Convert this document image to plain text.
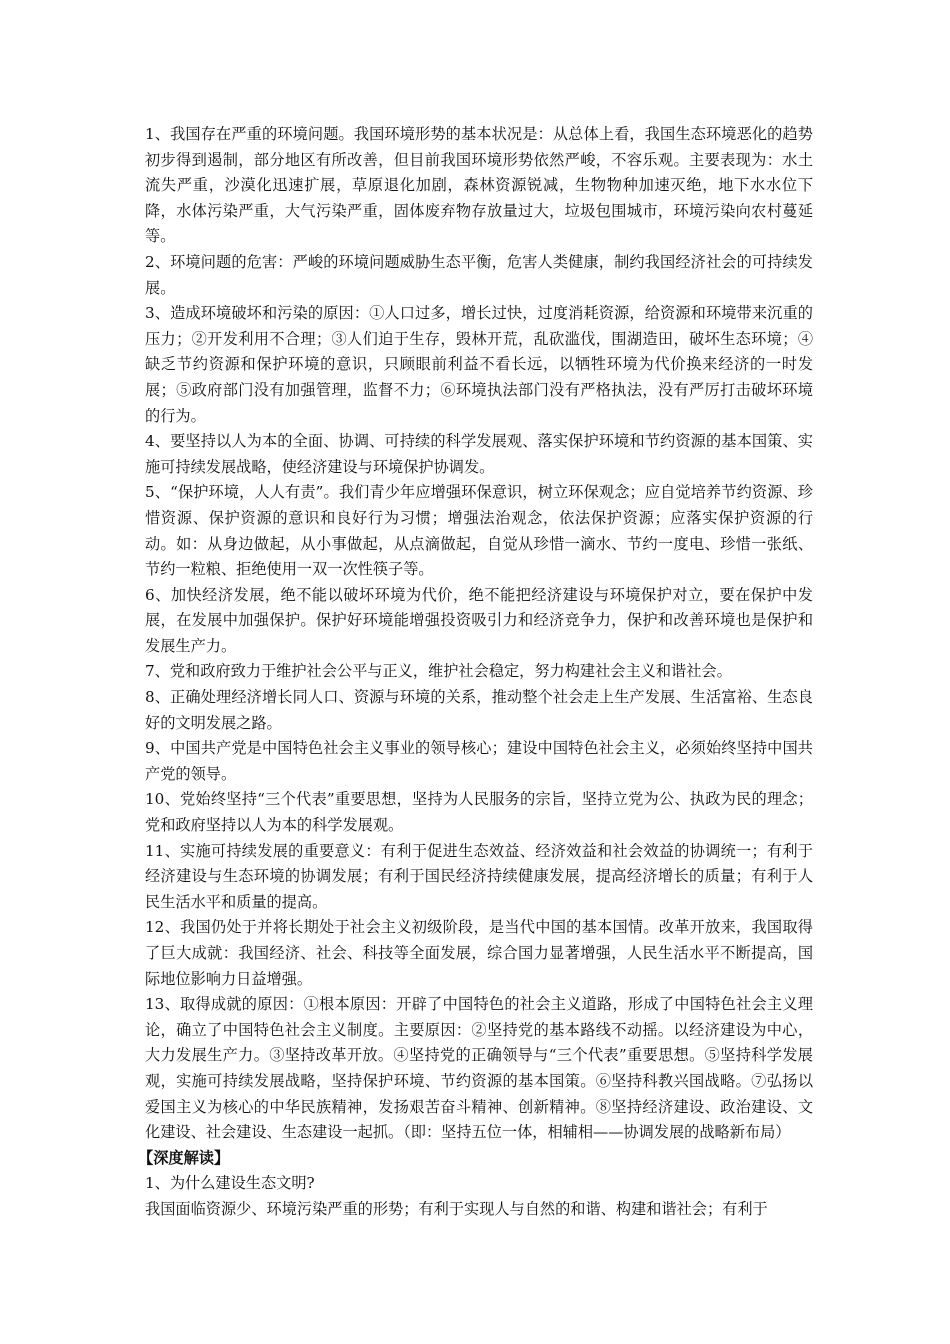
1、我国存在严重的环境问题。我国环境形势的基本状况是：从总体上看，我国生态环境恶化的趋势初步得到遏制，部分地区有所改善，但目前我国环境形势依然严峻，不容乐观。主要表现为：水土流失严重，沙漠化迅速扩展，草原退化加剧，森林资源锐减，生物物种加速灭绝，地下水水位下降，水体污染严重，大气污染严重，固体废弃物存放量过大，垃圾包围城市，环境污染向农村蔓延等。

2、环境问题的危害：严峻的环境问题威胁生态平衡，危害人类健康，制约我国经济社会的可持续发展。

3、造成环境破坏和污染的原因：①人口过多，增长过快，过度消耗资源，给资源和环境带来沉重的压力；②开发利用不合理；③人们迫于生存，毁林开荒，乱砍滥伐，围湖造田，破坏生态环境；④缺乏节约资源和保护环境的意识，只顾眼前利益不看长远，以牺牲环境为代价换来经济的一时发展；⑤政府部门没有加强管理，监督不力；⑥环境执法部门没有严格执法，没有严厉打击破坏环境的行为。

4、要坚持以人为本的全面、协调、可持续的科学发展观、落实保护环境和节约资源的基本国策、实施可持续发展战略，使经济建设与环境保护协调发。

5、“保护环境，人人有责”。我们青少年应增强环保意识，树立环保观念；应自觉培养节约资源、珍惜资源、保护资源的意识和良好行为习惯；增强法治观念，依法保护资源；应落实保护资源的行动。如：从身边做起，从小事做起，从点滴做起，自觉从珍惜一滴水、节约一度电、珍惜一张纸、节约一粒粮、拒绝使用一双一次性筷子等。

6、加快经济发展，绝不能以破坏环境为代价，绝不能把经济建设与环境保护对立，要在保护中发展，在发展中加强保护。保护好环境能增强投资吸引力和经济竞争力，保护和改善环境也是保护和发展生产力。

7、党和政府致力于维护社会公平与正义，维护社会稳定，努力构建社会主义和谐社会。

8、正确处理经济增长同人口、资源与环境的关系，推动整个社会走上生产发展、生活富裕、生态良好的文明发展之路。

9、中国共产党是中国特色社会主义事业的领导核心；建设中国特色社会主义，必须始终坚持中国共产党的领导。

10、党始终坚持“三个代表”重要思想，坚持为人民服务的宗旨，坚持立党为公、执政为民的理念；党和政府坚持以人为本的科学发展观。

11、实施可持续发展的重要意义：有利于促进生态效益、经济效益和社会效益的协调统一；有利于经济建设与生态环境的协调发展；有利于国民经济持续健康发展，提高经济增长的质量；有利于人民生活水平和质量的提高。

12、我国仍处于并将长期处于社会主义初级阶段，是当代中国的基本国情。改革开放来，我国取得了巨大成就：我国经济、社会、科技等全面发展，综合国力显著增强，人民生活水平不断提高，国际地位影响力日益增强。

13、取得成就的原因：①根本原因：开辟了中国特色的社会主义道路，形成了中国特色社会主义理论，确立了中国特色社会主义制度。主要原因：②坚持党的基本路线不动摇。以经济建设为中心，大力发展生产力。③坚持改革开放。④坚持党的正确领导与“三个代表”重要思想。⑤坚持科学发展观，实施可持续发展战略，坚持保护环境、节约资源的基本国策。⑥坚持科教兴国战略。⑦弘扬以爱国主义为核心的中华民族精神，发扬艰苦奋斗精神、创新精神。⑧坚持经济建设、政治建设、文化建设、社会建设、生态建设一起抓。（即：坚持五位一体，相辅相——协调发展的战略新布局）

【深度解读】

1、为什么建设生态文明?

我国面临资源少、环境污染严重的形势；有利于实现人与自然的和谐、构建和谐社会；有利于
